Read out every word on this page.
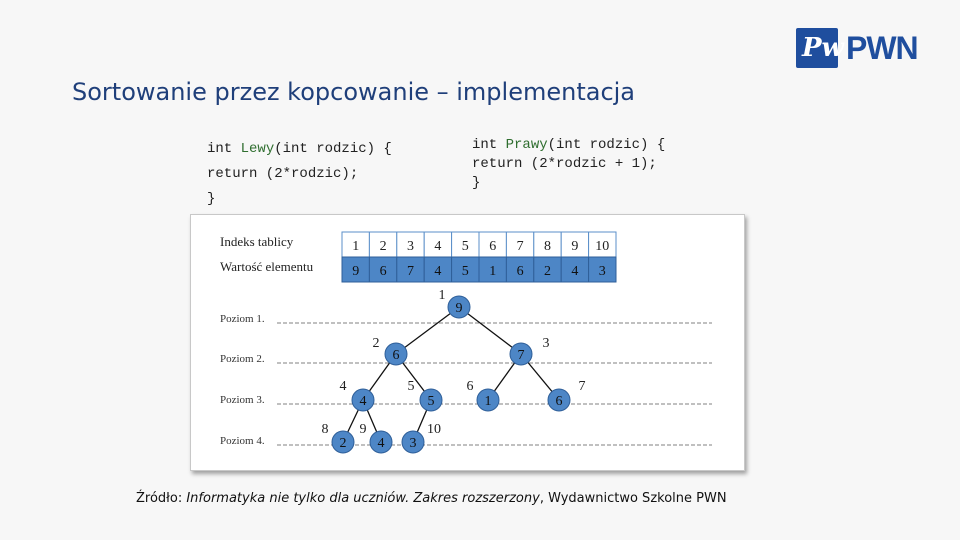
Pw PWN
Sortowanie przez kopcowanie – implementacja
int Lewy(int rodzic) {
return (2*rodzic);
}
int Prawy(int rodzic) {
return (2*rodzic + 1);
}
Indeks tablicy
Wartość elementu
1
9
2
6
3
7
4
4
5
5
6
1
7
6
8
2
9
4
10
3
Poziom 1.
Poziom 2.
Poziom 3.
Poziom 4.
9
1
6
2
7
3
4
4
5
5
1
6
6
7
2
8
4
9
3
10
Źródło: Informatyka nie tylko dla uczniów. Zakres rozszerzony, Wydawnictwo Szkolne PWN
